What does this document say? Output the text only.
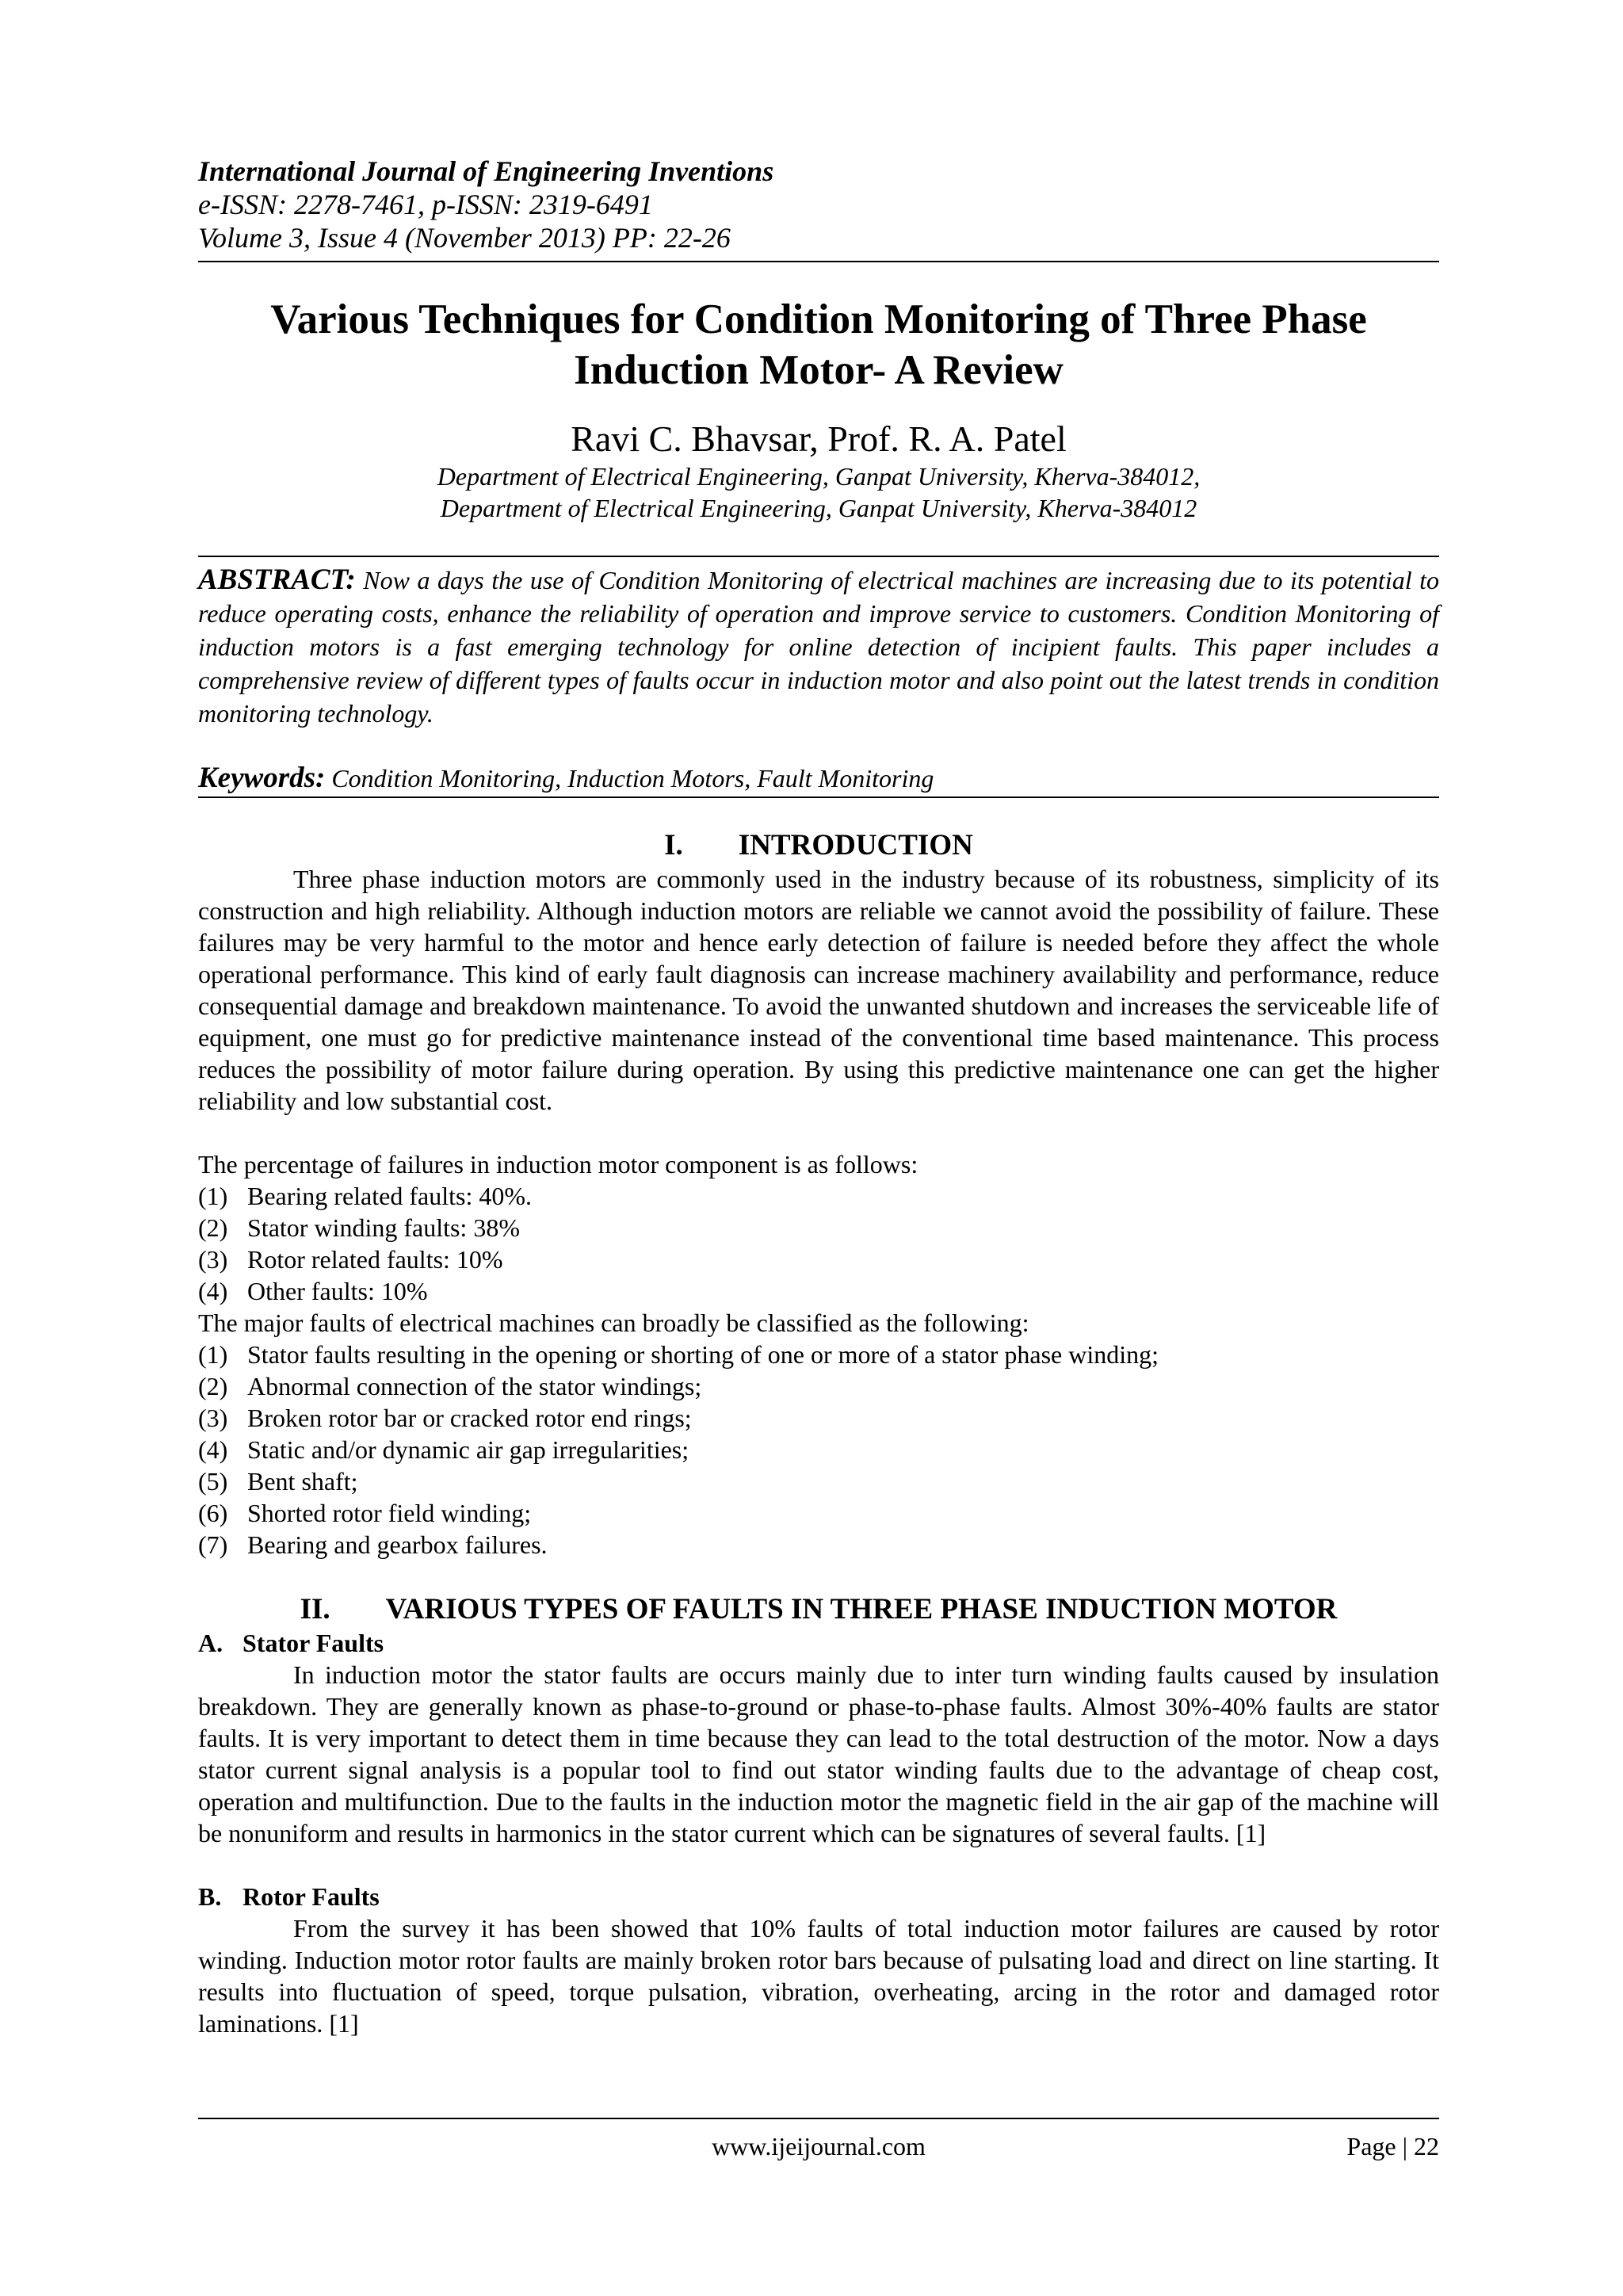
International Journal of Engineering Inventions
e-ISSN: 2278-7461, p-ISSN: 2319-6491
Volume 3, Issue 4 (November 2013) PP: 22-26
Various Techniques for Condition Monitoring of Three Phase
Induction Motor- A Review
Ravi C. Bhavsar, Prof. R. A. Patel
Department of Electrical Engineering, Ganpat University, Kherva-384012,
Department of Electrical Engineering, Ganpat University, Kherva-384012
ABSTRACT: Now a days the use of Condition Monitoring of electrical machines are increasing due to its potential to reduce operating costs, enhance the reliability of operation and improve service to customers. Condition Monitoring of induction motors is a fast emerging technology for online detection of incipient faults. This paper includes a comprehensive review of different types of faults occur in induction motor and also point out the latest trends in condition monitoring technology.
Keywords: Condition Monitoring, Induction Motors, Fault Monitoring
I. INTRODUCTION

Three phase induction motors are commonly used in the industry because of its robustness, simplicity of its construction and high reliability. Although induction motors are reliable we cannot avoid the possibility of failure. These failures may be very harmful to the motor and hence early detection of failure is needed before they affect the whole operational performance. This kind of early fault diagnosis can increase machinery availability and performance, reduce consequential damage and breakdown maintenance. To avoid the unwanted shutdown and increases the serviceable life of equipment, one must go for predictive maintenance instead of the conventional time based maintenance. This process reduces the possibility of motor failure during operation. By using this predictive maintenance one can get the higher reliability and low substantial cost.

The percentage of failures in induction motor component is as follows:

(1) Bearing related faults: 40%.
(2) Stator winding faults: 38%
(3) Rotor related faults: 10%
(4) Other faults: 10%

The major faults of electrical machines can broadly be classified as the following:

(1) Stator faults resulting in the opening or shorting of one or more of a stator phase winding;
(2) Abnormal connection of the stator windings;
(3) Broken rotor bar or cracked rotor end rings;
(4) Static and/or dynamic air gap irregularities;
(5) Bent shaft;
(6) Shorted rotor field winding;
(7) Bearing and gearbox failures.
II. VARIOUS TYPES OF FAULTS IN THREE PHASE INDUCTION MOTOR
A. Stator Faults

In induction motor the stator faults are occurs mainly due to inter turn winding faults caused by insulation breakdown. They are generally known as phase-to-ground or phase-to-phase faults. Almost 30%-40% faults are stator faults. It is very important to detect them in time because they can lead to the total destruction of the motor. Now a days stator current signal analysis is a popular tool to find out stator winding faults due to the advantage of cheap cost, operation and multifunction. Due to the faults in the induction motor the magnetic field in the air gap of the machine will be nonuniform and results in harmonics in the stator current which can be signatures of several faults. [1]

B. Rotor Faults

From the survey it has been showed that 10% faults of total induction motor failures are caused by rotor winding. Induction motor rotor faults are mainly broken rotor bars because of pulsating load and direct on line starting. It results into fluctuation of speed, torque pulsation, vibration, overheating, arcing in the rotor and damaged rotor laminations. [1]

www.ijeijournal.com	Page | 22
